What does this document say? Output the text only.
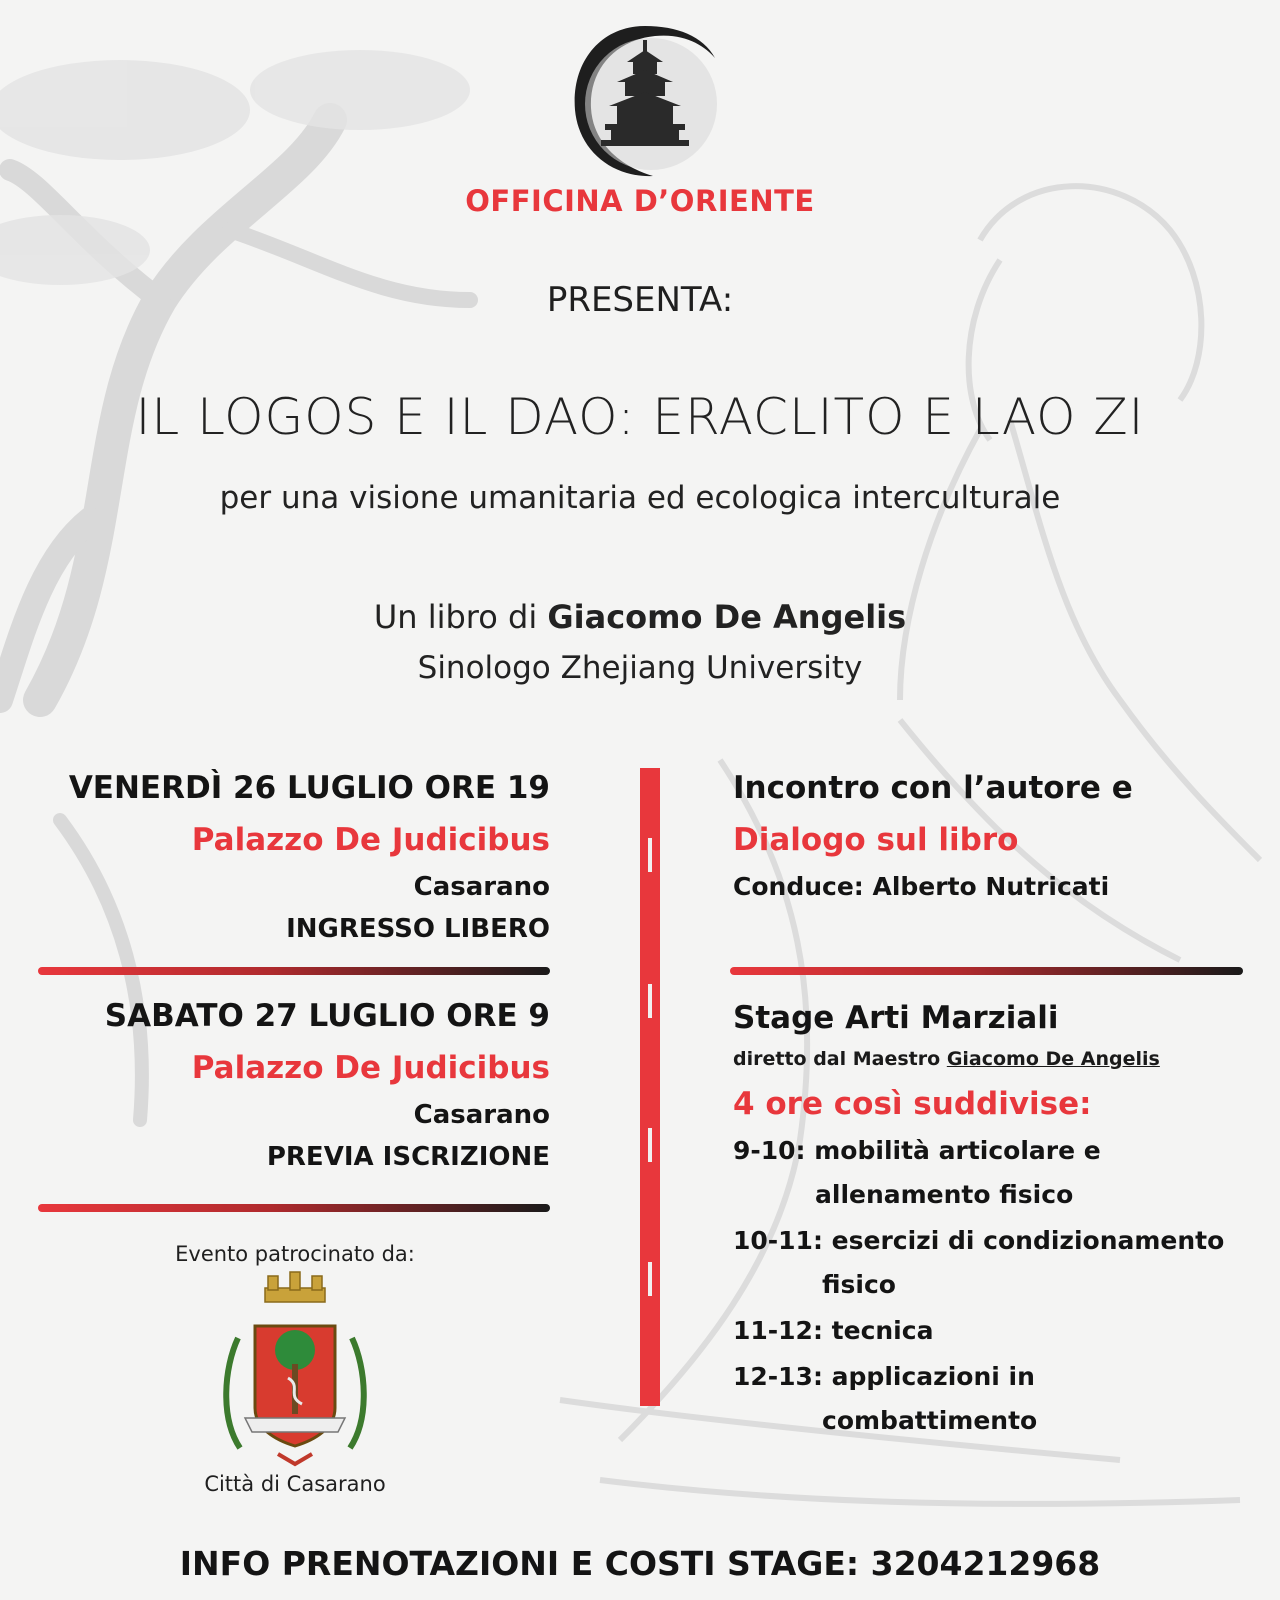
OFFICINA D’ORIENTE
PRESENTA:
IL LOGOS E IL DAO: ERACLITO E LAO ZI
per una visione umanitaria ed ecologica interculturale
Un libro di Giacomo De Angelis
Sinologo Zhejiang University
VENERDÌ 26 LUGLIO ORE 19
Palazzo De Judicibus
Casarano
INGRESSO LIBERO
SABATO 27 LUGLIO ORE 9
Palazzo De Judicibus
Casarano
PREVIA ISCRIZIONE
Incontro con l’autore e
Dialogo sul libro
Conduce: Alberto Nutricati
Stage Arti Marziali
diretto dal Maestro Giacomo De Angelis
4 ore così suddivise:
9-10: mobilità articolare e
allenamento fisico
10-11: esercizi di condizionamento
fisico
11-12: tecnica
12-13: applicazioni in
combattimento
Evento patrocinato da:
Città di Casarano
INFO PRENOTAZIONI E COSTI STAGE: 3204212968
